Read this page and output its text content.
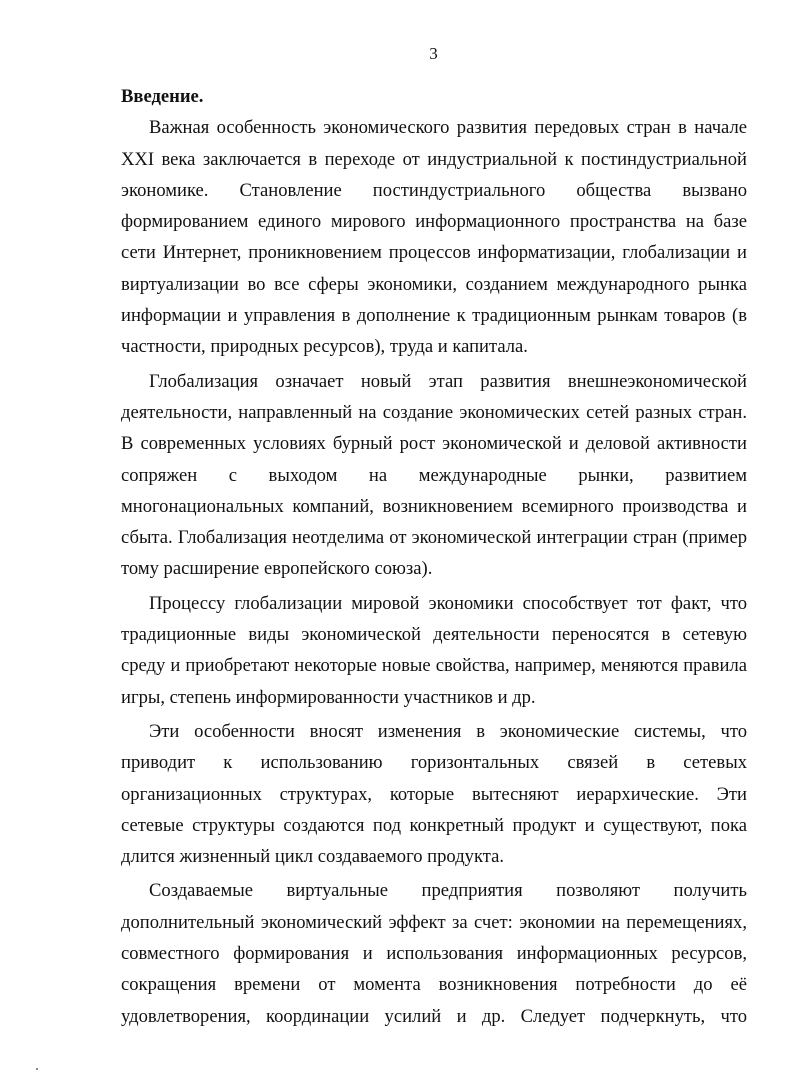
3

Введение.

Важная особенность экономического развития передовых стран в начале XXI века заключается в переходе от индустриальной к постиндустриальной экономике. Становление постиндустриального общества вызвано формированием единого мирового информационного пространства на базе сети Интернет, проникновением процессов информатизации, глобализации и виртуализации во все сферы экономики, созданием международного рынка информации и управления в дополнение к традиционным рынкам товаров (в частности, природных ресурсов), труда и капитала.

Глобализация означает новый этап развития внешнеэкономической деятельности, направленный на создание экономических сетей разных стран. В современных условиях бурный рост экономической и деловой активности сопряжен с выходом на международные рынки, развитием многонациональных компаний, возникновением всемирного производства и сбыта. Глобализация неотделима от экономической интеграции стран (пример тому расширение европейского союза).

Процессу глобализации мировой экономики способствует тот факт, что традиционные виды экономической деятельности переносятся в сетевую среду и приобретают некоторые новые свойства, например, меняются правила игры, степень информированности участников и др.

Эти особенности вносят изменения в экономические системы, что приводит к использованию горизонтальных связей в сетевых организационных структурах, которые вытесняют иерархические. Эти сетевые структуры создаются под конкретный продукт и существуют, пока длится жизненный цикл создаваемого продукта.

Создаваемые виртуальные предприятия позволяют получить дополнительный экономический эффект за счет: экономии на перемещениях, совместного формирования и использования информационных ресурсов, сокращения времени от момента возникновения потребности до её удовлетворения, координации усилий и др. Следует подчеркнуть, что
